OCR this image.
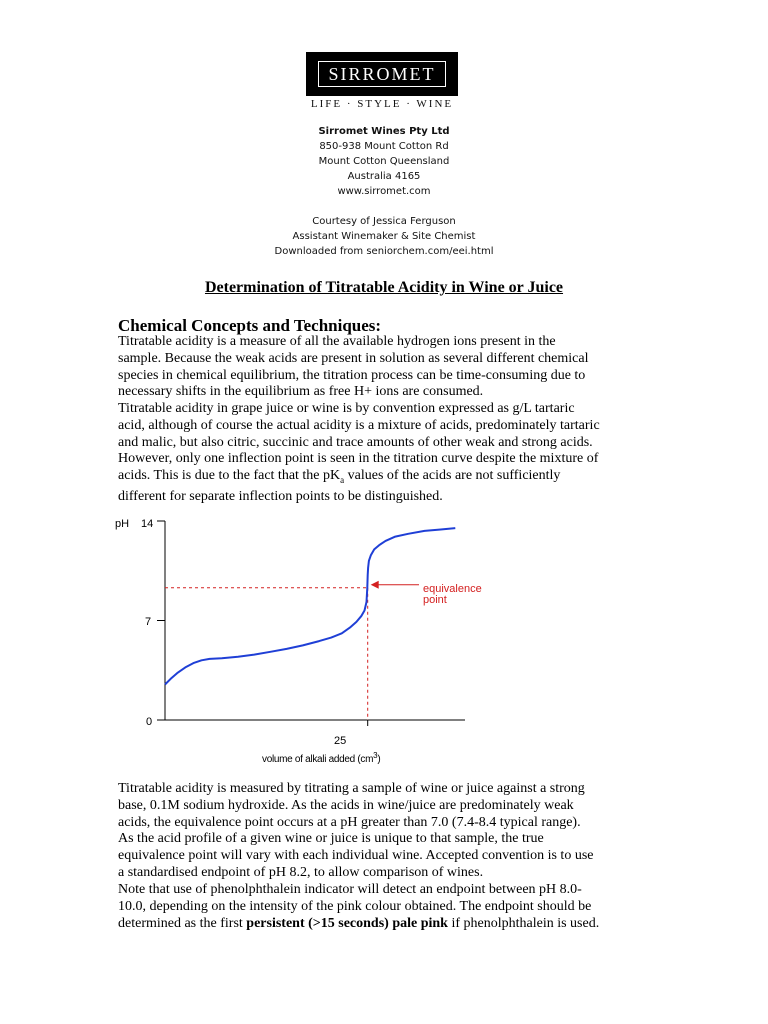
SIRROMET
LIFE · STYLE · WINE
Sirromet Wines Pty Ltd
850-938 Mount Cotton Rd
Mount Cotton Queensland
Australia 4165
www.sirromet.com
Courtesy of Jessica Ferguson
Assistant Winemaker & Site Chemist
Downloaded from seniorchem.com/eei.html
Determination of Titratable Acidity in Wine or Juice
Chemical Concepts and Techniques:
Titratable acidity is a measure of all the available hydrogen ions present in the
sample. Because the weak acids are present in solution as several different chemical
species in chemical equilibrium, the titration process can be time-consuming due to
necessary shifts in the equilibrium as free H+ ions are consumed.
Titratable acidity in grape juice or wine is by convention expressed as g/L tartaric
acid, although of course the actual acidity is a mixture of acids, predominately tartaric
and malic, but also citric, succinic and trace amounts of other weak and strong acids.
However, only one inflection point is seen in the titration curve despite the mixture of
acids. This is due to the fact that the $pK_a$ values of the acids are not sufficiently
different for separate inflection points to be distinguished.
pH 14
7
0
25
volume of alkali added $(cm^3)$
equivalence
point
Titratable acidity is measured by titrating a sample of wine or juice against a strong
base, 0.1M sodium hydroxide. As the acids in wine/juice are predominately weak
acids, the equivalence point occurs at a pH greater than 7.0 (7.4-8.4 typical range).
As the acid profile of a given wine or juice is unique to that sample, the true
equivalence point will vary with each individual wine. Accepted convention is to use
a standardised endpoint of pH 8.2, to allow comparison of wines.
Note that use of phenolphthalein indicator will detect an endpoint between pH 8.0-
10.0, depending on the intensity of the pink colour obtained. The endpoint should be
determined as the first persistent (>15 seconds) pale pink if phenolphthalein is used.
